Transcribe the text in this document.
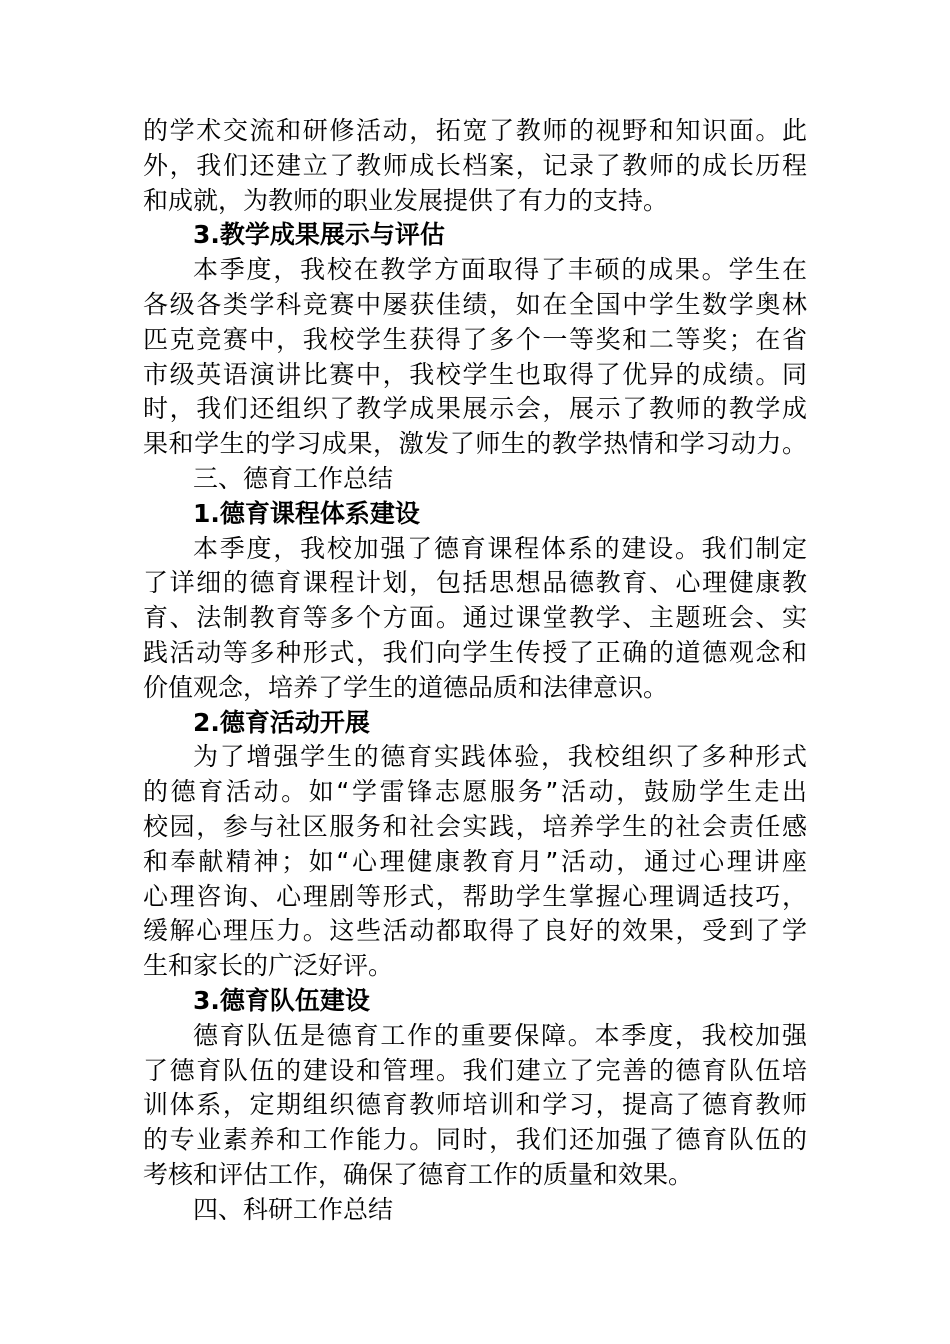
的学术交流和研修活动，拓宽了教师的视野和知识面。此
外，我们还建立了教师成长档案，记录了教师的成长历程
和成就，为教师的职业发展提供了有力的支持。
3.教学成果展示与评估
本季度，我校在教学方面取得了丰硕的成果。学生在
各级各类学科竞赛中屡获佳绩，如在全国中学生数学奥林
匹克竞赛中，我校学生获得了多个一等奖和二等奖；在省
市级英语演讲比赛中，我校学生也取得了优异的成绩。同
时，我们还组织了教学成果展示会，展示了教师的教学成
果和学生的学习成果，激发了师生的教学热情和学习动力。
三、德育工作总结
1.德育课程体系建设
本季度，我校加强了德育课程体系的建设。我们制定
了详细的德育课程计划，包括思想品德教育、心理健康教
育、法制教育等多个方面。通过课堂教学、主题班会、实
践活动等多种形式，我们向学生传授了正确的道德观念和
价值观念，培养了学生的道德品质和法律意识。
2.德育活动开展
为了增强学生的德育实践体验，我校组织了多种形式
的德育活动。如“学雷锋志愿服务”活动，鼓励学生走出
校园，参与社区服务和社会实践，培养学生的社会责任感
和奉献精神；如“心理健康教育月”活动，通过心理讲座
心理咨询、心理剧等形式，帮助学生掌握心理调适技巧，
缓解心理压力。这些活动都取得了良好的效果，受到了学
生和家长的广泛好评。
3.德育队伍建设
德育队伍是德育工作的重要保障。本季度，我校加强
了德育队伍的建设和管理。我们建立了完善的德育队伍培
训体系，定期组织德育教师培训和学习，提高了德育教师
的专业素养和工作能力。同时，我们还加强了德育队伍的
考核和评估工作，确保了德育工作的质量和效果。
四、科研工作总结
